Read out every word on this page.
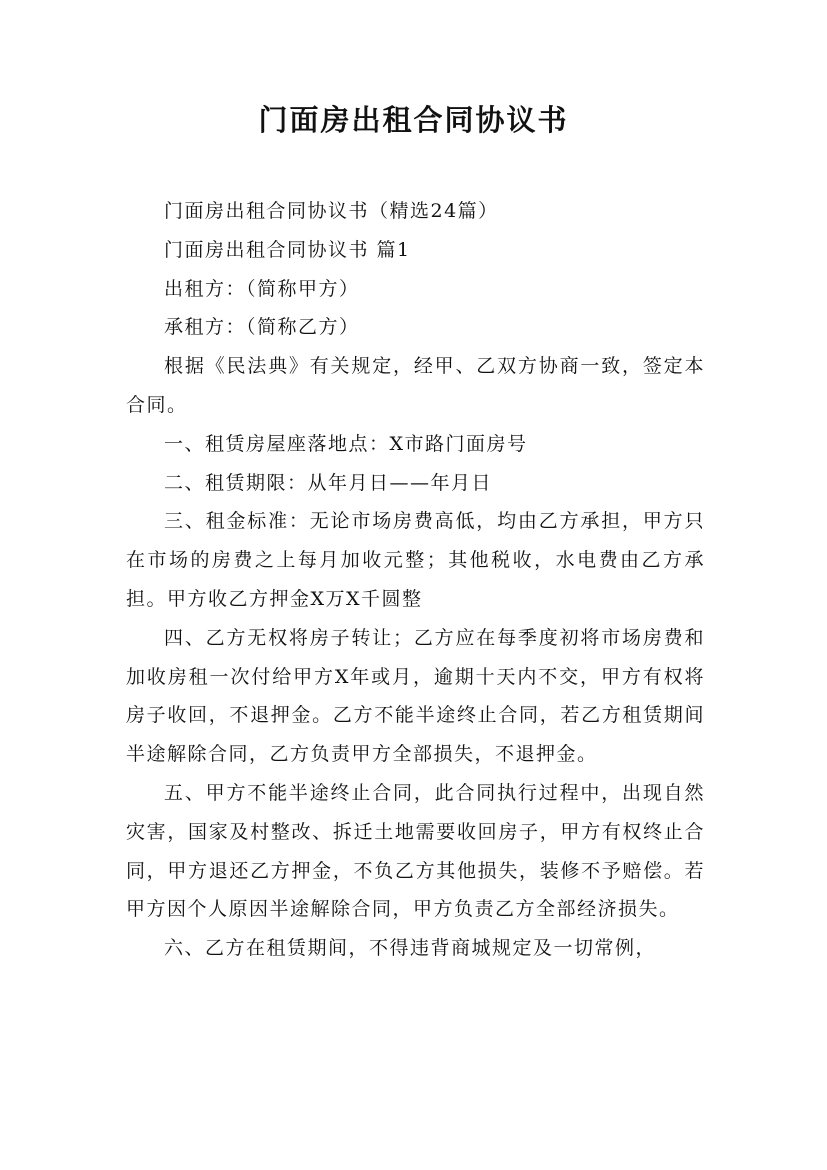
门面房出租合同协议书

门面房出租合同协议书（精选24篇）

门面房出租合同协议书 篇1

出租方：（简称甲方）

承租方：（简称乙方）

根据《民法典》有关规定，经甲、乙双方协商一致，签定本合同。

一、租赁房屋座落地点：X市路门面房号

二、租赁期限：从年月日——年月日

三、租金标准：无论市场房费高低，均由乙方承担，甲方只在市场的房费之上每月加收元整；其他税收，水电费由乙方承担。甲方收乙方押金X万X千圆整

四、乙方无权将房子转让；乙方应在每季度初将市场房费和加收房租一次付给甲方X年或月，逾期十天内不交，甲方有权将房子收回，不退押金。乙方不能半途终止合同，若乙方租赁期间半途解除合同，乙方负责甲方全部损失，不退押金。

五、甲方不能半途终止合同，此合同执行过程中，出现自然灾害，国家及村整改、拆迁土地需要收回房子，甲方有权终止合同，甲方退还乙方押金，不负乙方其他损失，装修不予赔偿。若甲方因个人原因半途解除合同，甲方负责乙方全部经济损失。

六、乙方在租赁期间，不得违背商城规定及一切常例，
